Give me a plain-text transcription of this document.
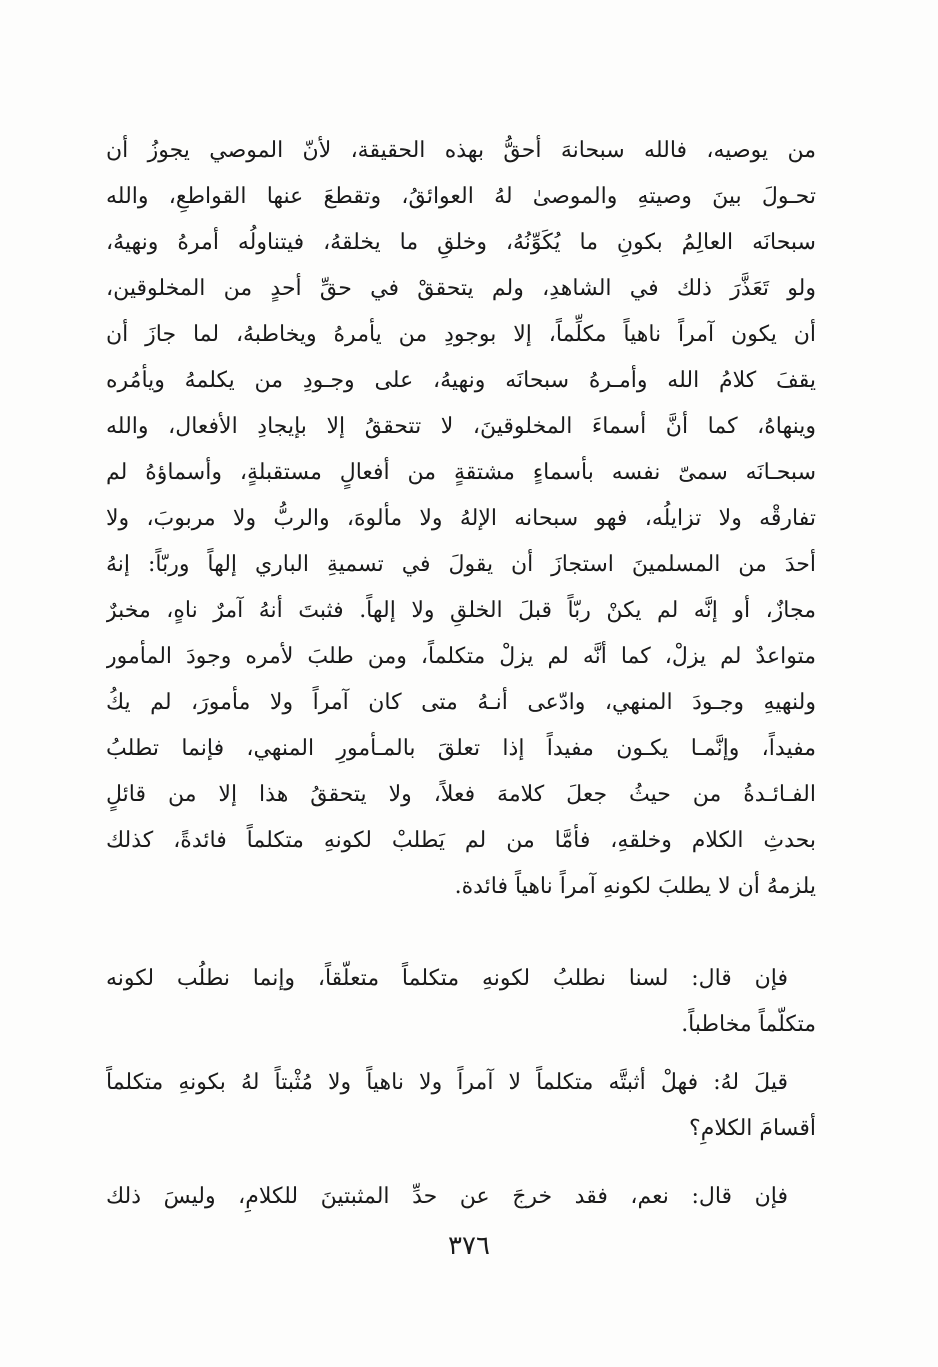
من يوصيه، فالله سبحانهَ أحقُّ بهذه الحقيقة، لأنّ الموصي يجوزُ أن
تحـولَ بينَ وصيتهِ والموصىٰ لهُ العوائقُ، وتقطعَ عنها القواطعِ، والله
سبحانَه العالِمُ بكونِ ما يُكَوِّنُهُ، وخلقِ ما يخلقهُ، فيتناولُه أمرهُ ونهيهُ،
ولو تَعَذَّرَ ذلك في الشاهدِ، ولم يتحققْ في حقِّ أحدٍ من المخلوقين،
أن يكون آمراً ناهياً مكلِّماً، إلا بوجودِ من يأمرهُ ويخاطبهُ، لما جازَ أن
يقفَ كلامُ الله وأمـرهُ سبحانَه ونهيهُ، على وجـودِ من يكلمهُ ويأمُره
وينهاهُ، كما أنَّ أسماءَ المخلوقينَ، لا تتحققُ إلا بإيجادِ الأفعال، والله
سبحـانَه سمىّ نفسه بأسماءٍ مشتقةٍ من أفعالٍ مستقبلةٍ، وأسماؤهُ لم
تفارقْه ولا تزايلُه، فهو سبحانه الإلهُ ولا مألوهَ، والربُّ ولا مربوبَ، ولا
أحدَ من المسلمينَ استجازَ أن يقولَ في تسميةِ الباري إلهاً وربّاً: إنهُ
مجازٌ، أو إنَّه لم يكنْ ربّاً قبلَ الخلقِ ولا إلهاً. فثبتَ أنهُ آمرٌ ناهٍ، مخبرٌ
متواعدٌ لم يزلْ، كما أنَّه لم يزلْ متكلماً، ومن طلبَ لأمره وجودَ المأمور
ولنهيهِ وجـودَ المنهي، وادّعى أنـهُ متى كان آمراً ولا مأمورَ، لم يكُ
مفيداً، وإنَّمـا يكـون مفيداً إذا تعلقَ بالمـأمورِ المنهي، فإنما تطلبُ
الفـائـدةُ من حيثُ جعلَ كلامهَ فعلاً، ولا يتحققُ هذا إلا من قائلٍ
بحدثِ الكلام وخلقهِ، فأمَّا من لم يَطلبْ لكونهِ متكلماً فائدةً، كذلك
يلزمهُ أن لا يطلبَ لكونهِ آمراً ناهياً فائدة.
فإن قال: لسنا نطلبُ لكونهِ متكلماً متعلّقاً، وإنما نطلُب لكونه
متكلّماً مخاطباً.
قيلَ لهُ: فهلْ أثبتَّه متكلماً لا آمراً ولا ناهياً ولا مُثْبتاً لهُ بكونهِ متكلماً
أقسامَ الكلامِ؟
فإن قال: نعم، فقد خرجَ عن حدِّ المثبتينَ للكلامِ، وليسَ ذلك
٣٧٦
